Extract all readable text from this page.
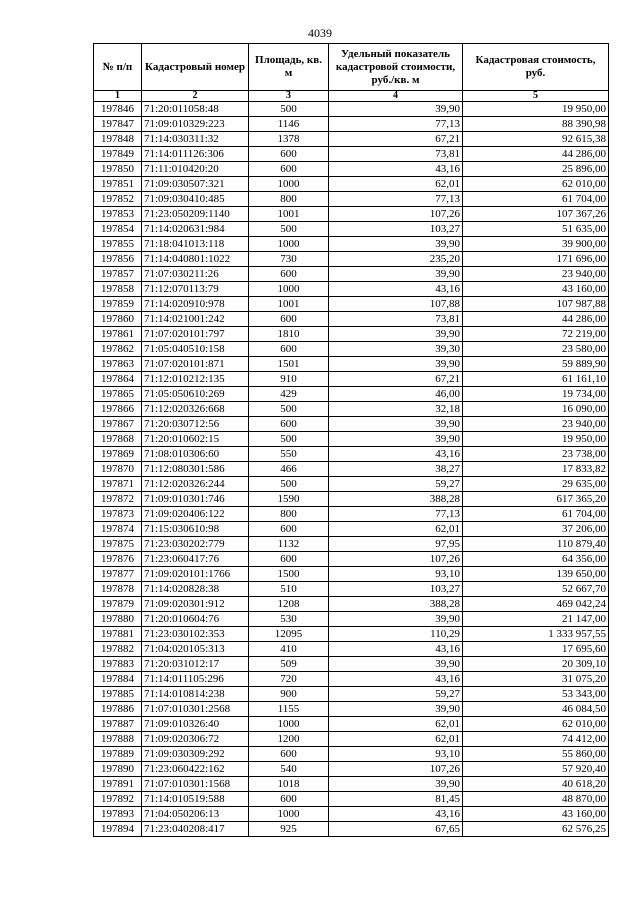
4039
№ п/п	Кадастровый номер	Площадь, кв. м	Удельный показатель кадастровой стоимости, руб./кв. м	Кадастровая стоимость, руб.
1	2	3	4	5
197846	71:20:011058:48	500	39,90	19 950,00
197847	71:09:010329:223	1146	77,13	88 390,98
197848	71:14:030311:32	1378	67,21	92 615,38
197849	71:14:011126:306	600	73,81	44 286,00
197850	71:11:010420:20	600	43,16	25 896,00
197851	71:09:030507:321	1000	62,01	62 010,00
197852	71:09:030410:485	800	77,13	61 704,00
197853	71:23:050209:1140	1001	107,26	107 367,26
197854	71:14:020631:984	500	103,27	51 635,00
197855	71:18:041013:118	1000	39,90	39 900,00
197856	71:14:040801:1022	730	235,20	171 696,00
197857	71:07:030211:26	600	39,90	23 940,00
197858	71:12:070113:79	1000	43,16	43 160,00
197859	71:14:020910:978	1001	107,88	107 987,88
197860	71:14:021001:242	600	73,81	44 286,00
197861	71:07:020101:797	1810	39,90	72 219,00
197862	71:05:040510:158	600	39,30	23 580,00
197863	71:07:020101:871	1501	39,90	59 889,90
197864	71:12:010212:135	910	67,21	61 161,10
197865	71:05:050610:269	429	46,00	19 734,00
197866	71:12:020326:668	500	32,18	16 090,00
197867	71:20:030712:56	600	39,90	23 940,00
197868	71:20:010602:15	500	39,90	19 950,00
197869	71:08:010306:60	550	43,16	23 738,00
197870	71:12:080301:586	466	38,27	17 833,82
197871	71:12:020326:244	500	59,27	29 635,00
197872	71:09:010301:746	1590	388,28	617 365,20
197873	71:09:020406:122	800	77,13	61 704,00
197874	71:15:030610:98	600	62,01	37 206,00
197875	71:23:030202:779	1132	97,95	110 879,40
197876	71:23:060417:76	600	107,26	64 356,00
197877	71:09:020101:1766	1500	93,10	139 650,00
197878	71:14:020828:38	510	103,27	52 667,70
197879	71:09:020301:912	1208	388,28	469 042,24
197880	71:20:010604:76	530	39,90	21 147,00
197881	71:23:030102:353	12095	110,29	1 333 957,55
197882	71:04:020105:313	410	43,16	17 695,60
197883	71:20:031012:17	509	39,90	20 309,10
197884	71:14:011105:296	720	43,16	31 075,20
197885	71:14:010814:238	900	59,27	53 343,00
197886	71:07:010301:2568	1155	39,90	46 084,50
197887	71:09:010326:40	1000	62,01	62 010,00
197888	71:09:020306:72	1200	62,01	74 412,00
197889	71:09:030309:292	600	93,10	55 860,00
197890	71:23:060422:162	540	107,26	57 920,40
197891	71:07:010301:1568	1018	39,90	40 618,20
197892	71:14:010519:588	600	81,45	48 870,00
197893	71:04:050206:13	1000	43,16	43 160,00
197894	71:23:040208:417	925	67,65	62 576,25
